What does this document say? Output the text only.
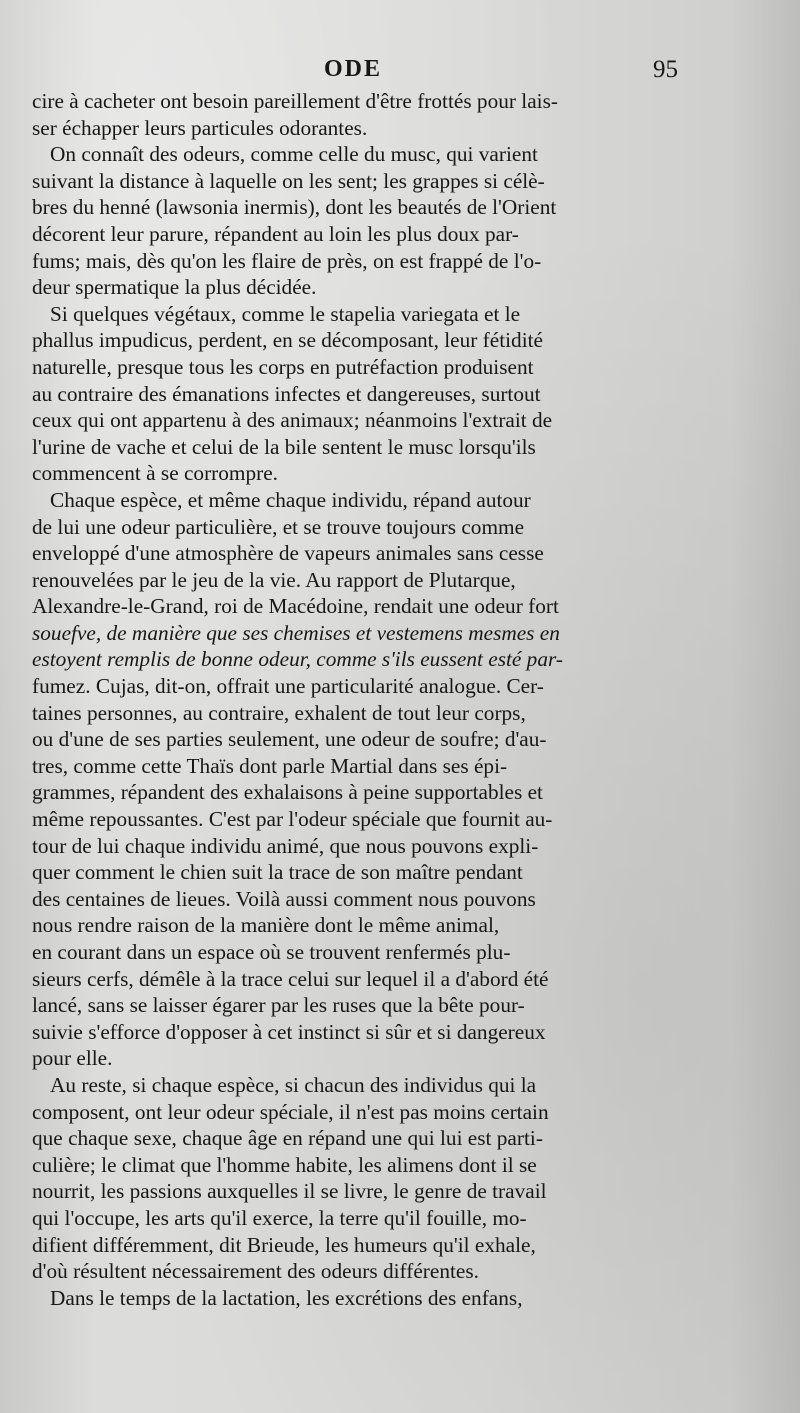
ODE	95
cire à cacheter ont besoin pareillement d'être frottés pour lais-
ser échapper leurs particules odorantes.
On connaît des odeurs, comme celle du musc, qui varient
suivant la distance à laquelle on les sent; les grappes si célè-
bres du henné (lawsonia inermis), dont les beautés de l'Orient
décorent leur parure, répandent au loin les plus doux par-
fums; mais, dès qu'on les flaire de près, on est frappé de l'o-
deur spermatique la plus décidée.
Si quelques végétaux, comme le stapelia variegata et le
phallus impudicus, perdent, en se décomposant, leur fétidité
naturelle, presque tous les corps en putréfaction produisent
au contraire des émanations infectes et dangereuses, surtout
ceux qui ont appartenu à des animaux; néanmoins l'extrait de
l'urine de vache et celui de la bile sentent le musc lorsqu'ils
commencent à se corrompre.
Chaque espèce, et même chaque individu, répand autour
de lui une odeur particulière, et se trouve toujours comme
enveloppé d'une atmosphère de vapeurs animales sans cesse
renouvelées par le jeu de la vie. Au rapport de Plutarque,
Alexandre-le-Grand, roi de Macédoine, rendait une odeur fort
souefve, de manière que ses chemises et vestemens mesmes en
estoyent remplis de bonne odeur, comme s'ils eussent esté par-
fumez. Cujas, dit-on, offrait une particularité analogue. Cer-
taines personnes, au contraire, exhalent de tout leur corps,
ou d'une de ses parties seulement, une odeur de soufre; d'au-
tres, comme cette Thaïs dont parle Martial dans ses épi-
grammes, répandent des exhalaisons à peine supportables et
même repoussantes. C'est par l'odeur spéciale que fournit au-
tour de lui chaque individu animé, que nous pouvons expli-
quer comment le chien suit la trace de son maître pendant
des centaines de lieues. Voilà aussi comment nous pouvons
nous rendre raison de la manière dont le même animal,
en courant dans un espace où se trouvent renfermés plu-
sieurs cerfs, démêle à la trace celui sur lequel il a d'abord été
lancé, sans se laisser égarer par les ruses que la bête pour-
suivie s'efforce d'opposer à cet instinct si sûr et si dangereux
pour elle.
Au reste, si chaque espèce, si chacun des individus qui la
composent, ont leur odeur spéciale, il n'est pas moins certain
que chaque sexe, chaque âge en répand une qui lui est parti-
culière; le climat que l'homme habite, les alimens dont il se
nourrit, les passions auxquelles il se livre, le genre de travail
qui l'occupe, les arts qu'il exerce, la terre qu'il fouille, mo-
difient différemment, dit Brieude, les humeurs qu'il exhale,
d'où résultent nécessairement des odeurs différentes.
Dans le temps de la lactation, les excrétions des enfans,
